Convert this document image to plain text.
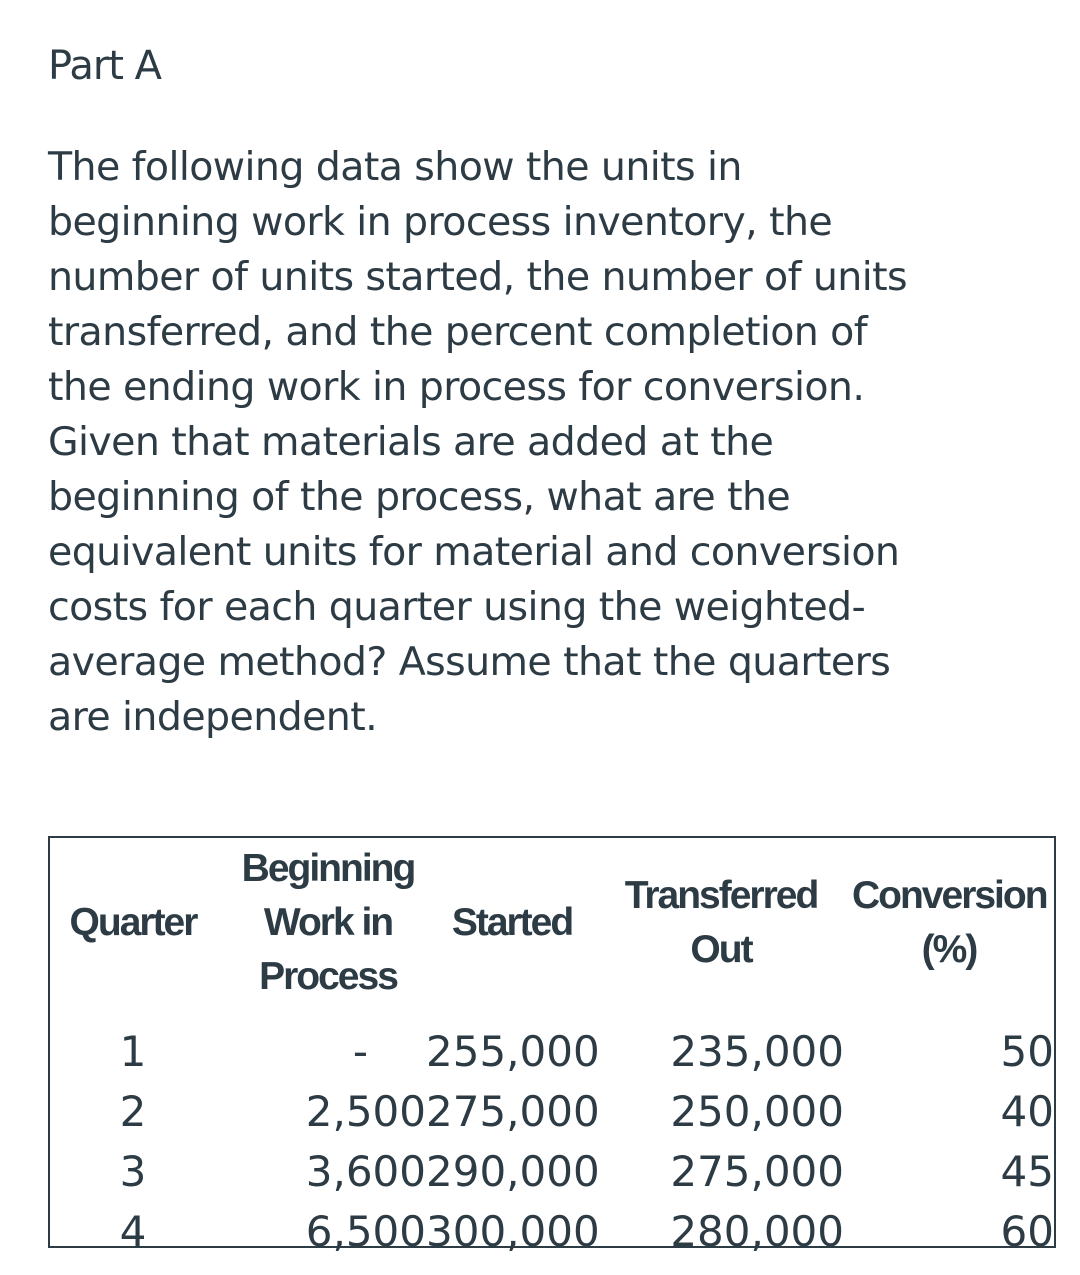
Part A

The following data show the units in beginning work in process inventory, the number of units started, the number of units transferred, and the percent completion of the ending work in process for conversion. Given that materials are added at the beginning of the process, what are the equivalent units for material and conversion costs for each quarter using the weighted-average method? Assume that the quarters are independent.

Quarter	Beginning Work in Process	Started	Transferred Out	Conversion (%)
1	-	255,000	235,000	50
2	2,500	275,000	250,000	40
3	3,600	290,000	275,000	45
4	6,500	300,000	280,000	60
